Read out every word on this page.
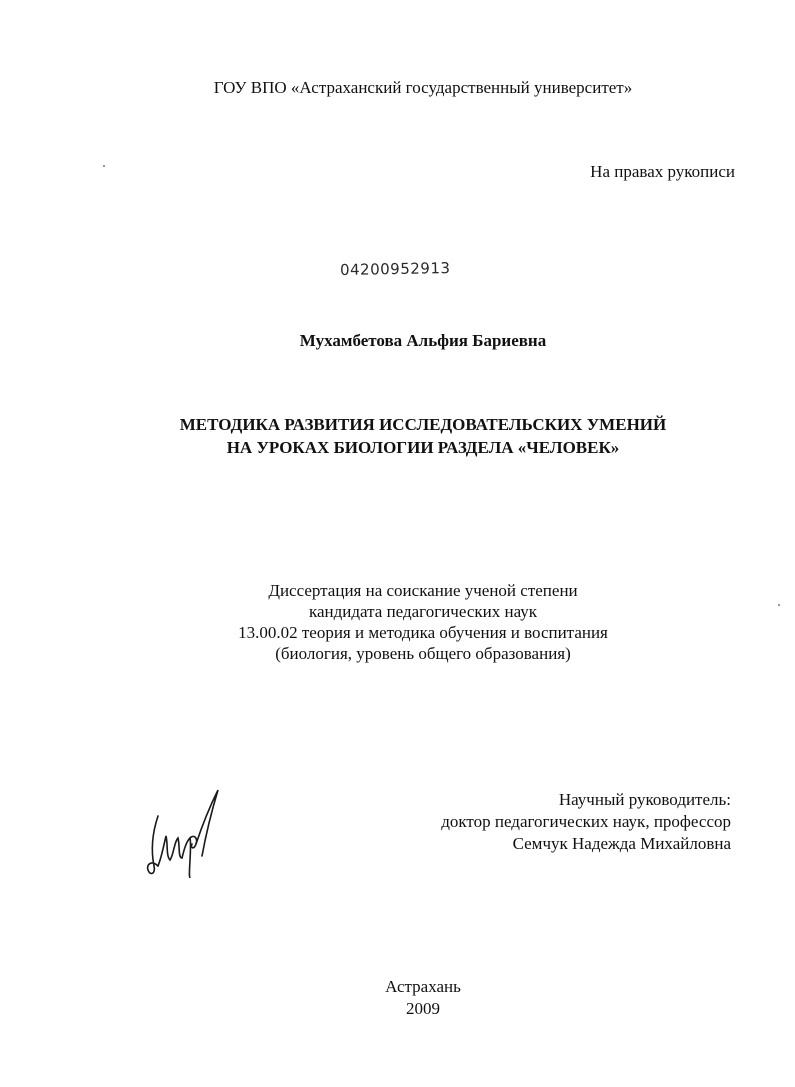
ГОУ ВПО «Астраханский государственный университет»
На правах рукописи
04200952913
Мухамбетова Альфия Бариевна
МЕТОДИКА РАЗВИТИЯ ИССЛЕДОВАТЕЛЬСКИХ УМЕНИЙ
НА УРОКАХ БИОЛОГИИ РАЗДЕЛА «ЧЕЛОВЕК»
Диссертация на соискание ученой степени
кандидата педагогических наук
13.00.02 теория и методика обучения и воспитания
(биология, уровень общего образования)
Научный руководитель:
доктор педагогических наук, профессор
Семчук Надежда Михайловна
Астрахань
2009
